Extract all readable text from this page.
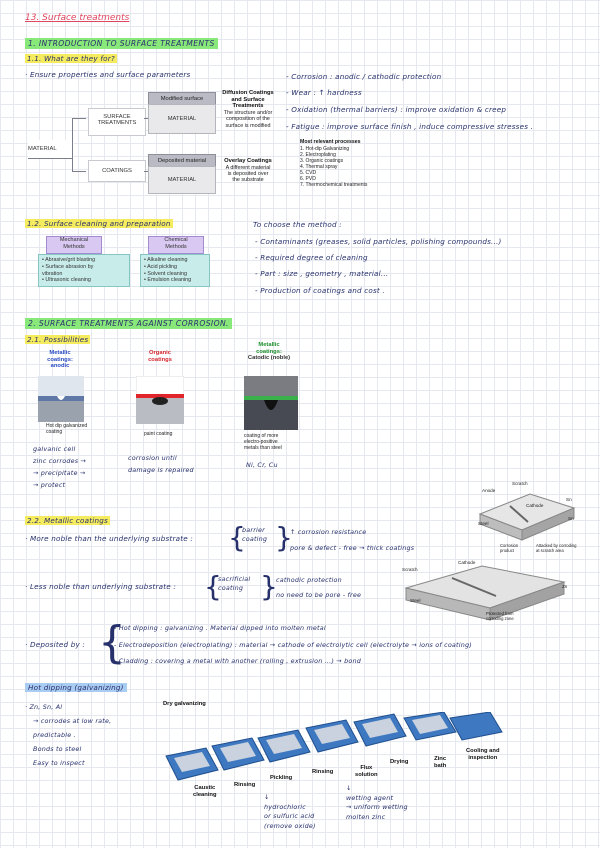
13. Surface treatments
1. INTRODUCTION TO SURFACE TREATMENTS
1.1. What are they for?
· Ensure properties and surface parameters
MATERIAL
SURFACE
TREATMENTS
COATINGS
Modified surface
MATERIAL
Deposited material
MATERIAL
Diffusion Coatings
and Surface
Treatments
The structure and/or
composition of the
surface is modified
Overlay Coatings
A different material
is deposited over
the substrate
- Corrosion : anodic / cathodic protection
- Wear : ↑ hardness
- Oxidation (thermal barriers) : improve oxidation & creep
- Fatigue : improve surface finish , induce compressive stresses .
Most relevant processes
1. Hot-dip Galvanizing
2. Electroplating
3. Organic coatings
4. Thermal spray
5. CVD
6. PVD
7. Thermochemical treatments
1.2. Surface cleaning and preparation
Mechanical
Methods
• Abrasive/grit blasting
• Surface abrasion by
vibration
• Ultrasonic cleaning
Chemical
Methods
• Alkaline cleaning
• Acid pickling
• Solvent cleaning
• Emulsion cleaning
To choose the method :
- Contaminants (greases, solid particles, polishing compounds...)
- Required degree of cleaning
- Part : size , geometry , material...
- Production of coatings and cost .
2. SURFACE TREATMENTS AGAINST CORROSION.
2.1. Possibilities
Metallic
coatings:
anodic
Hot dip galvanized
coating
Organic
coatings
paint coating
Metallic
coatings:
Catodic (noble)
coating of more
electro-positive
metals than steel
galvanic cell
zinc corrodes →
→ precipitate →
→ protect
corrosion until
damage is repaired
Ni, Cr, Cu
2.2. Metallic coatings
· More noble than the underlying substrate : {
barrier
coating }
↑ corrosion resistance
pore & defect - free → thick coatings
Scratch
Anode
Cathode
Sn
Sn
Steel
Corrosion
product
Attacked by corroding
at scratch area
· Less noble than underlying substrate : {
sacrificial
coating }
cathodic protection
no need to be pore - free
Scratch
Cathode
Zn
Steel
Protected from
corroding zone
· Deposited by : {
- Hot dipping : galvanizing . Material dipped into molten metal
- Electrodeposition (electroplating) : material → cathode of electrolytic cell (electrolyte → ions of coating)
- Cladding : covering a metal with another (rolling , extrusion ...) → bond
Hot dipping (galvanizing)
· Zn, Sn, Al
→ corrodes at low rate,
predictable .
Bonds to steel
Easy to inspect
Dry galvanizing
Caustic
cleaning
Rinsing
Pickling
Rinsing
Flux
solution
Drying	Zinc
bath
Cooling and
inspection
↓
hydrochloric
or sulfuric acid
(remove oxide)
↓
wetting agent
→ uniform wetting
molten zinc
